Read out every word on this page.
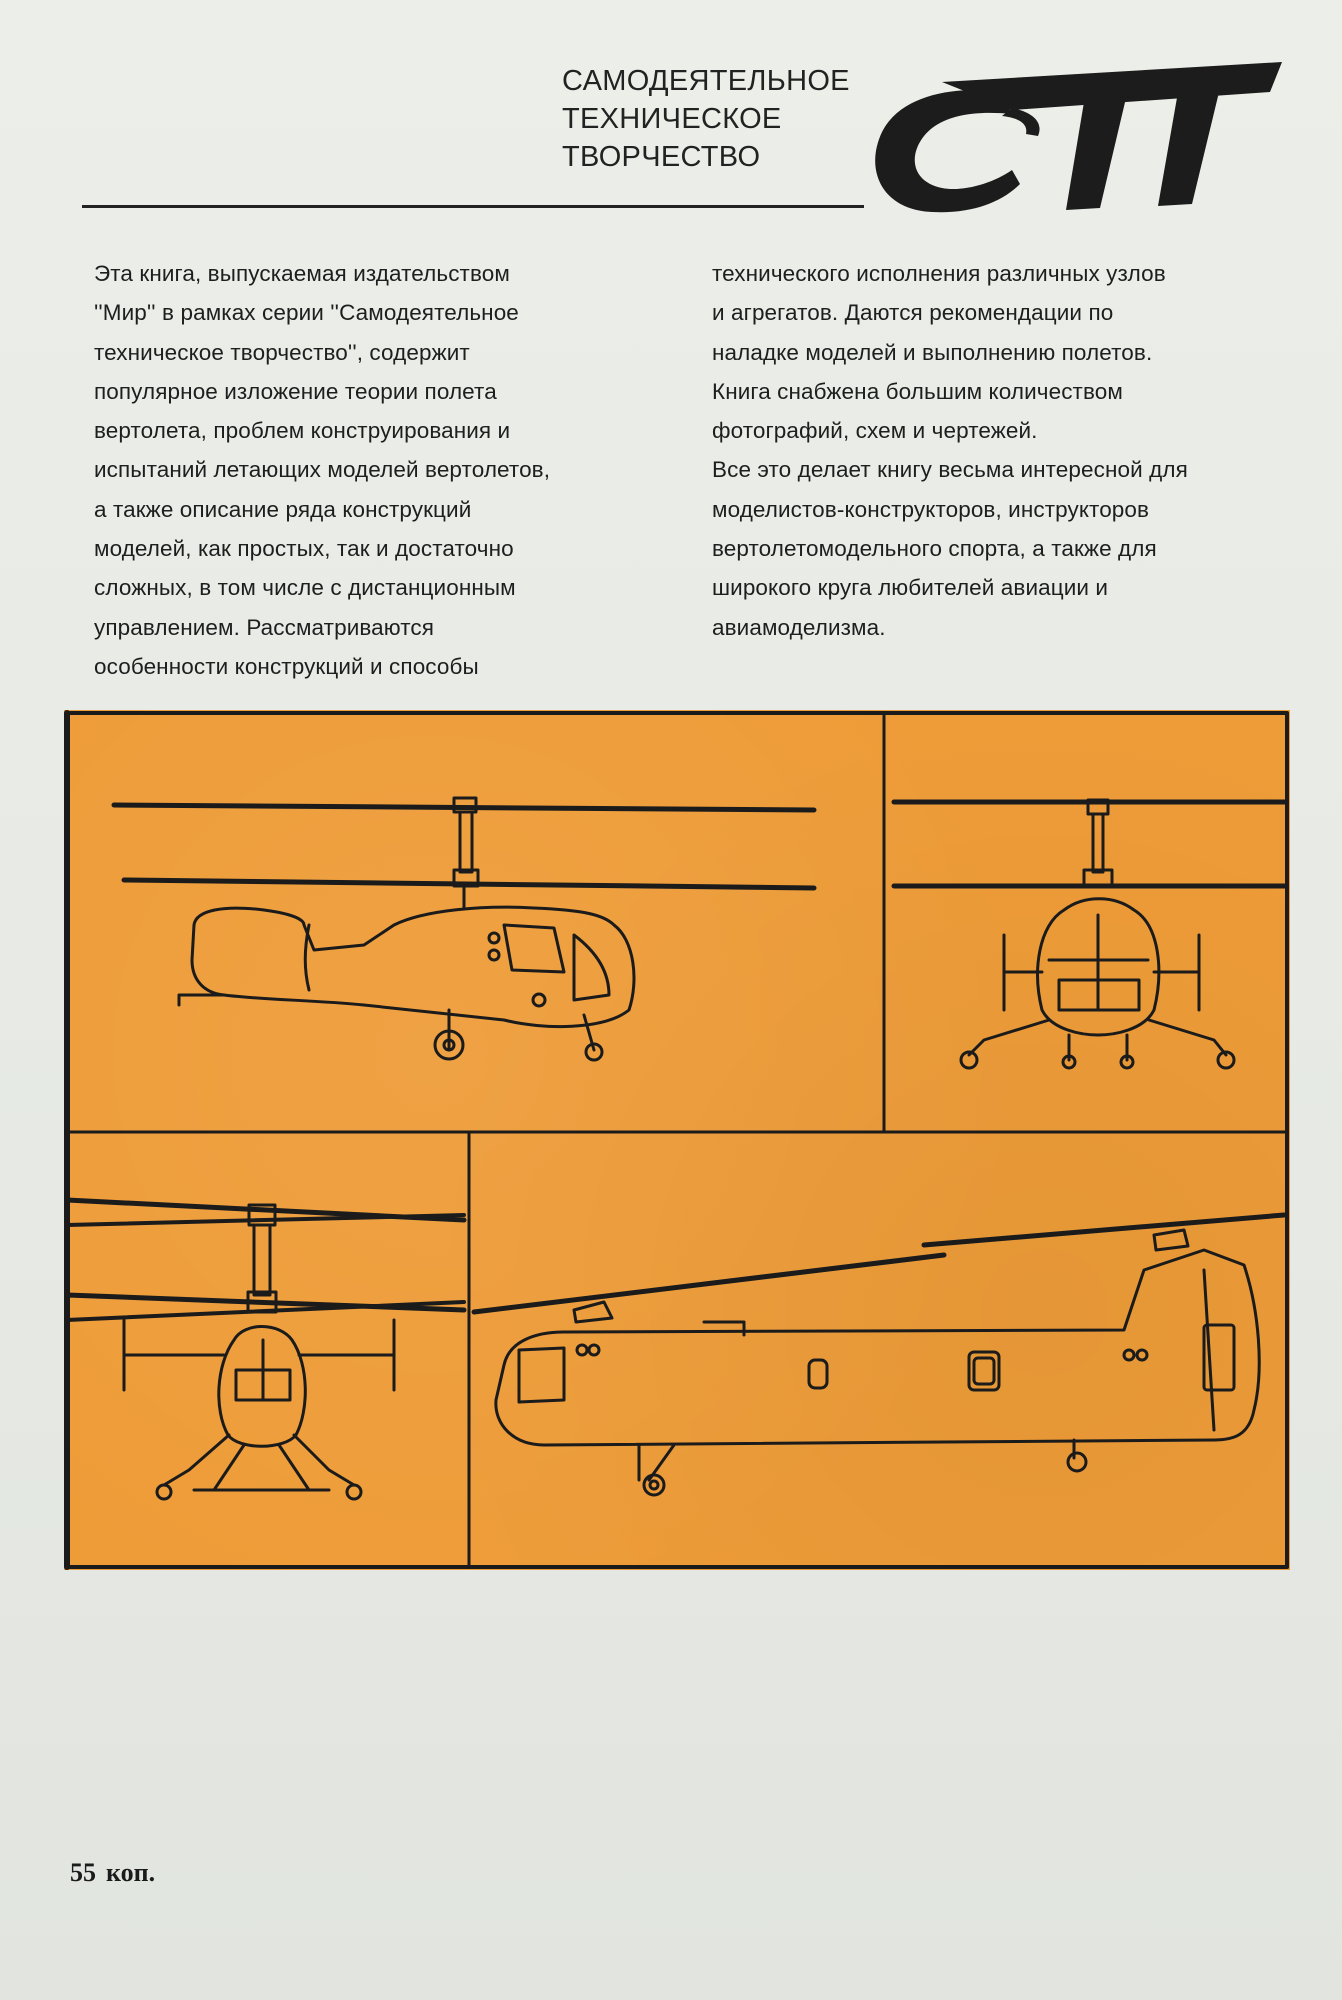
САМОДЕЯТЕЛЬНОЕ
ТЕХНИЧЕСКОЕ
ТВОРЧЕСТВО

Эта книга, выпускаемая издательством
''Мир'' в рамках серии ''Самодеятельное
техническое творчество'', содержит
популярное изложение теории полета
вертолета, проблем конструирования и
испытаний летающих моделей вертолетов,
а также описание ряда конструкций
моделей, как простых, так и достаточно
сложных, в том числе с дистанционным
управлением. Рассматриваются
особенности конструкций и способы

технического исполнения различных узлов
и агрегатов. Даются рекомендации по
наладке моделей и выполнению полетов.
Книга снабжена большим количеством
фотографий, схем и чертежей.

Все это делает книгу весьма интересной для
моделистов-конструкторов, инструкторов
вертолетомодельного спорта, а также для
широкого круга любителей авиации и
авиамоделизма.

55 коп.
